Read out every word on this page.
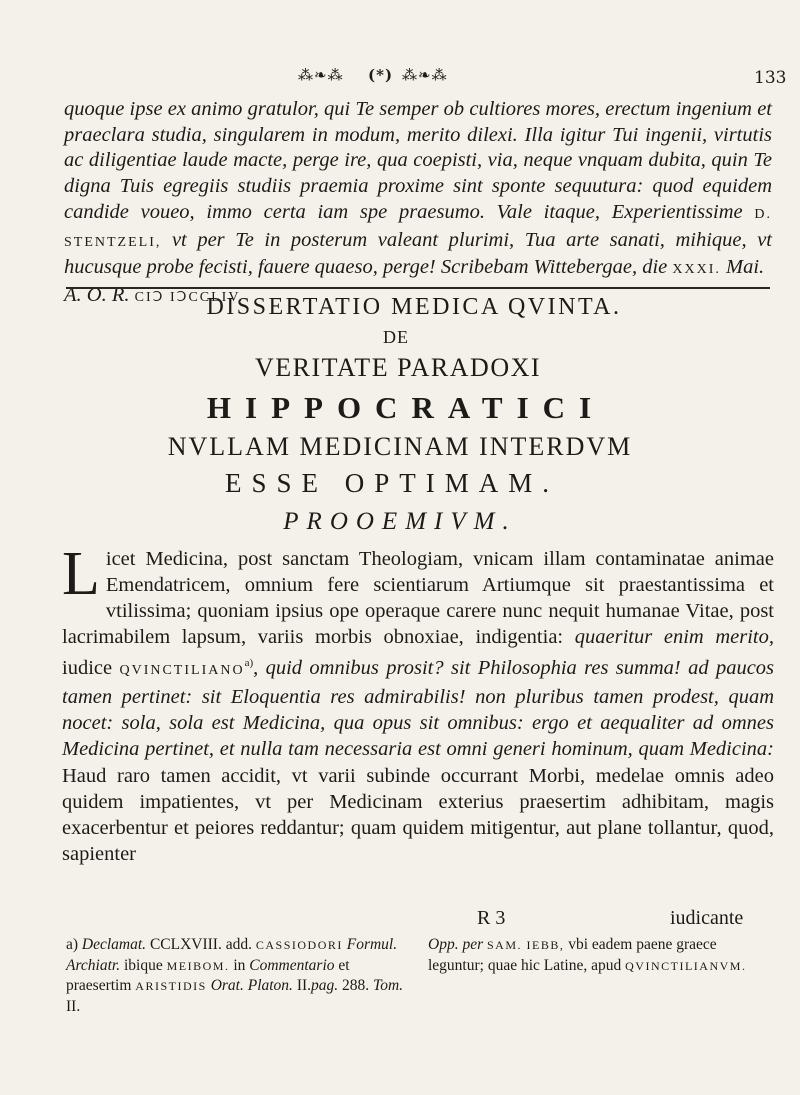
⁂❧⁂ (*) ⁂❧⁂	133

quoque ipse ex animo gratulor, qui Te semper ob cultiores mores, erectum ingenium et praeclara studia, singularem in modum, merito dilexi. Illa igitur Tui ingenii, virtutis ac diligentiae laude macte, perge ire, qua coepisti, via, neque vnquam dubita, quin Te digna Tuis egregiis studiis praemia proxime sint sponte sequutura: quod equidem candide voueo, immo certa iam spe praesumo. Vale itaque, Experientissime D. STENTZELI, vt per Te in posterum valeant plurimi, Tua arte sanati, mihique, vt hucusque probe fecisti, fauere quaeso, perge! Scribebam Wittebergae, die XXXI. Mai.
A. O. R. CIↃ IↃCCLIV.

DISSERTATIO MEDICA QVINTA.
DE
VERITATE PARADOXI
HIPPOCRATICI
NVLLAM MEDICINAM INTERDVM
ESSE OPTIMAM.
PROOEMIVM.

Licet Medicina, post sanctam Theologiam, vnicam illam contaminatae animae Emendatricem, omnium fere scientiarum Artiumque sit praestantissima et vtilissima; quoniam ipsius ope operaque carere nunc nequit humanae Vitae, post lacrimabilem lapsum, variis morbis obnoxiae, indigentia: quaeritur enim merito, iudice QVINCTILIANO$^{a)}$, quid omnibus prosit? sit Philosophia res summa! ad paucos tamen pertinet: sit Eloquentia res admirabilis! non pluribus tamen prodest, quam nocet: sola, sola est Medicina, qua opus sit omnibus: ergo et aequaliter ad omnes Medicina pertinet, et nulla tam necessaria est omni generi hominum, quam Medicina: Haud raro tamen accidit, vt varii subinde occurrant Morbi, medelae omnis adeo quidem impatientes, vt per Medicinam exterius praesertim adhibitam, magis exacerbentur et peiores reddantur; quam quidem mitigentur, aut plane tollantur, quod, sapienter

R 3	iudicante

a) Declamat. CCLXVIII. add. CASSIODORI Formul. Archiatr. ibique MEIBOM. in Commentario et praesertim ARISTIDIS Orat. Platon. II.pag. 288. Tom. II.

Opp. per SAM. IEBB, vbi eadem paene graece leguntur; quae hic Latine, apud QVINCTILIANVM.
